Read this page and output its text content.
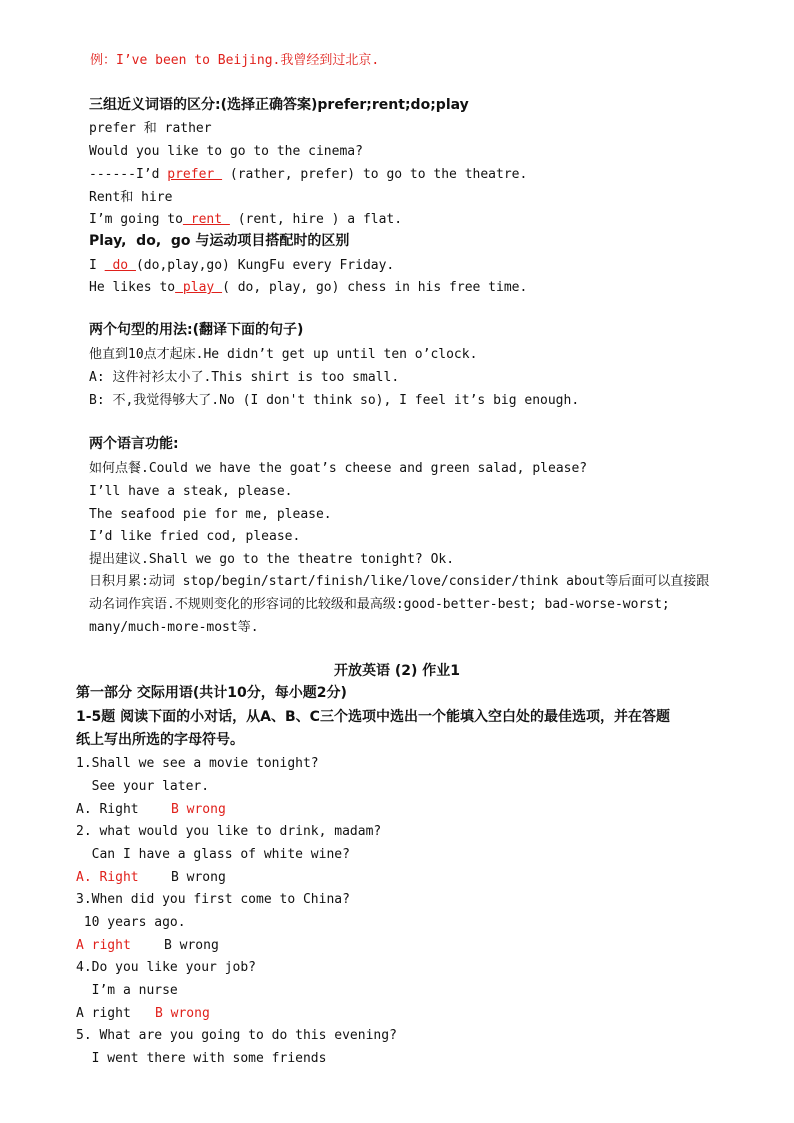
例：I’ve been to Beijing.我曾经到过北京.
三组近义词语的区分:(选择正确答案)prefer;rent;do;play
prefer 和 rather
Would you like to go to the cinema?
------I’d prefer  (rather, prefer) to go to the theatre.
Rent和 hire
I’m going to rent  (rent, hire ) a flat.
Play,  do,  go 与运动项目搭配时的区别
I  do (do,play,go) KungFu every Friday.
He likes to play ( do, play, go) chess in his free time.
两个句型的用法:(翻译下面的句子)
他直到10点才起床.He didn’t get up until ten o’clock.
A: 这件衬衫太小了.This shirt is too small.
B: 不,我觉得够大了.No (I don't think so), I feel it’s big enough.
两个语言功能:
如何点餐.Could we have the goat’s cheese and green salad, please?
I’ll have a steak, please.
The seafood pie for me, please.
I’d like fried cod, please.
提出建议.Shall we go to the theatre tonight? Ok.
日积月累:动词 stop/begin/start/finish/like/love/consider/think about等后面可以直接跟
动名词作宾语.不规则变化的形容词的比较级和最高级:good-better-best; bad-worse-worst;
many/much-more-most等.
开放英语 (2) 作业1
第一部分 交际用语(共计10分，每小题2分)
1-5题 阅读下面的小对话，从A、B、C三个选项中选出一个能填入空白处的最佳选项，并在答题
纸上写出所选的字母符号。
1.Shall we see a movie tonight?
See your later.
A. Right B wrong
2. what would you like to drink, madam?
Can I have a glass of white wine?
A. Right B wrong
3.When did you first come to China?
10 years ago.
A right	B wrong
4.Do you like your job?
I’m a nurse
A right B wrong
5. What are you going to do this evening?
I went there with some friends
